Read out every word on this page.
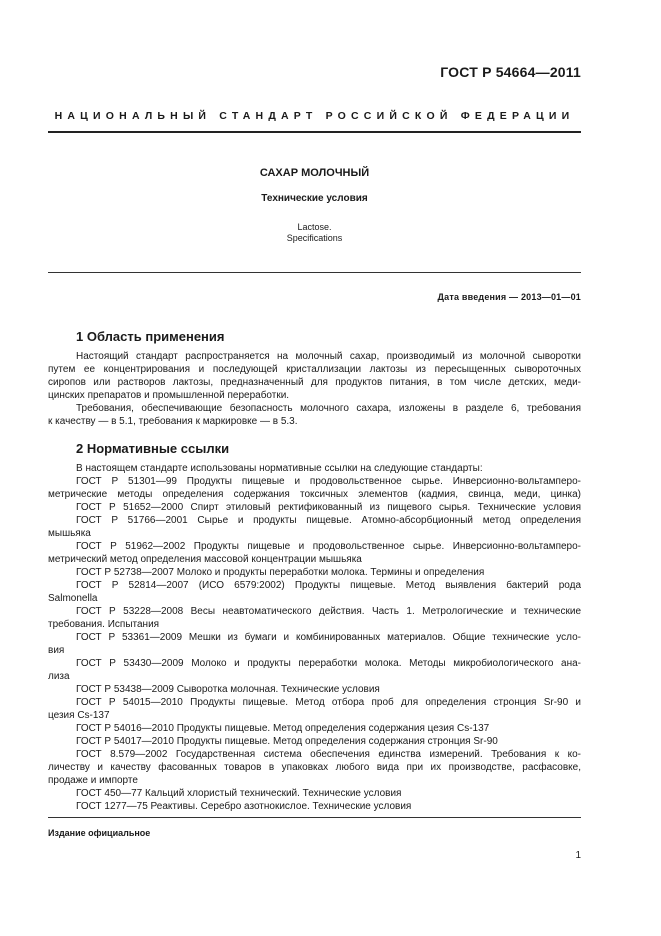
ГОСТ Р 54664—2011
НАЦИОНАЛЬНЫЙ СТАНДАРТ РОССИЙСКОЙ ФЕДЕРАЦИИ
САХАР МОЛОЧНЫЙ
Технические условия
Lactose.
Specifications
Дата введения — 2013—01—01
1 Область применения
Настоящий стандарт распространяется на молочный сахар, производимый из молочной сыворотки
путем ее концентрирования и последующей кристаллизации лактозы из пересыщенных сывороточных
сиропов или растворов лактозы, предназначенный для продуктов питания, в том числе детских, меди-
цинских препаратов и промышленной переработки.
Требования, обеспечивающие безопасность молочного сахара, изложены в разделе 6, требования
к качеству — в 5.1, требования к маркировке — в 5.3.
2 Нормативные ссылки
В настоящем стандарте использованы нормативные ссылки на следующие стандарты:
ГОСТ Р 51301—99 Продукты пищевые и продовольственное сырье. Инверсионно-вольтамперо-
метрические методы определения содержания токсичных элементов (кадмия, свинца, меди, цинка)
ГОСТ Р 51652—2000 Спирт этиловый ректификованный из пищевого сырья. Технические условия
ГОСТ Р 51766—2001 Сырье и продукты пищевые. Атомно-абсорбционный метод определения
мышьяка
ГОСТ Р 51962—2002 Продукты пищевые и продовольственное сырье. Инверсионно-вольтамперо-
метрический метод определения массовой концентрации мышьяка
ГОСТ Р 52738—2007 Молоко и продукты переработки молока. Термины и определения
ГОСТ Р 52814—2007 (ИСО 6579:2002) Продукты пищевые. Метод выявления бактерий рода
Salmonella
ГОСТ Р 53228—2008 Весы неавтоматического действия. Часть 1. Метрологические и технические
требования. Испытания
ГОСТ Р 53361—2009 Мешки из бумаги и комбинированных материалов. Общие технические усло-
вия
ГОСТ Р 53430—2009 Молоко и продукты переработки молока. Методы микробиологического ана-
лиза
ГОСТ Р 53438—2009 Сыворотка молочная. Технические условия
ГОСТ Р 54015—2010 Продукты пищевые. Метод отбора проб для определения стронция Sr-90 и
цезия Cs-137
ГОСТ Р 54016—2010 Продукты пищевые. Метод определения содержания цезия Cs-137
ГОСТ Р 54017—2010 Продукты пищевые. Метод определения содержания стронция Sr-90
ГОСТ 8.579—2002 Государственная система обеспечения единства измерений. Требования к ко-
личеству и качеству фасованных товаров в упаковках любого вида при их производстве, расфасовке,
продаже и импорте
ГОСТ 450—77 Кальций хлористый технический. Технические условия
ГОСТ 1277—75 Реактивы. Серебро азотнокислое. Технические условия
Издание официальное
1
